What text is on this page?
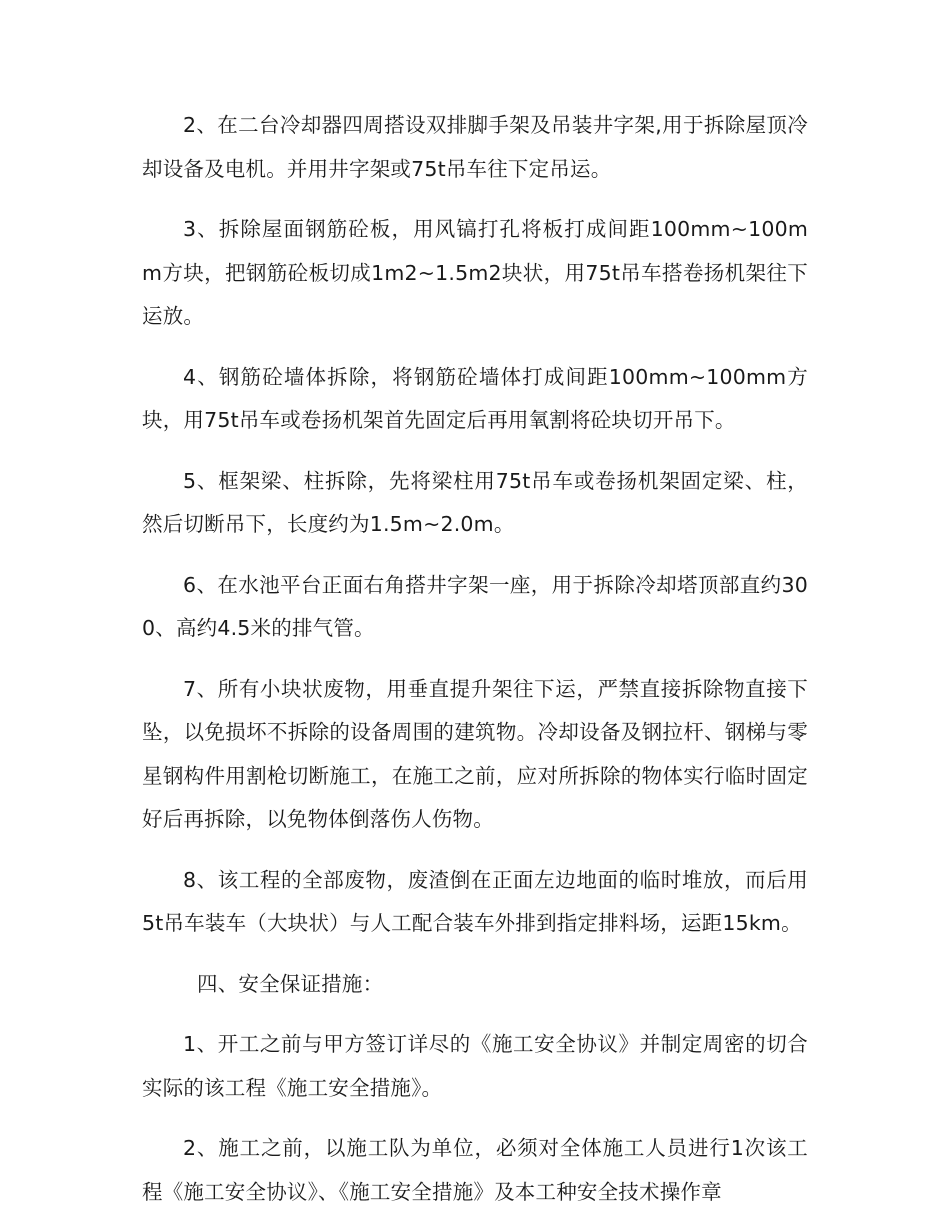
2、在二台冷却器四周搭设双排脚手架及吊装井字架,用于拆除屋顶冷却设备及电机。并用井字架或75t吊车往下定吊运。

3、拆除屋面钢筋砼板，用风镐打孔将板打成间距100mm~100mm方块，把钢筋砼板切成1m2~1.5m2块状，用75t吊车搭卷扬机架往下运放。

4、钢筋砼墙体拆除，将钢筋砼墙体打成间距100mm~100mm方块，用75t吊车或卷扬机架首先固定后再用氧割将砼块切开吊下。

5、框架梁、柱拆除，先将梁柱用75t吊车或卷扬机架固定梁、柱，然后切断吊下，长度约为1.5m~2.0m。

6、在水池平台正面右角搭井字架一座，用于拆除冷却塔顶部直约300、高约4.5米的排气管。

7、所有小块状废物，用垂直提升架往下运，严禁直接拆除物直接下坠，以免损坏不拆除的设备周围的建筑物。冷却设备及钢拉杆、钢梯与零星钢构件用割枪切断施工，在施工之前，应对所拆除的物体实行临时固定好后再拆除，以免物体倒落伤人伤物。

8、该工程的全部废物，废渣倒在正面左边地面的临时堆放，而后用5t吊车装车（大块状）与人工配合装车外排到指定排料场，运距15km。

四、安全保证措施：

1、开工之前与甲方签订详尽的《施工安全协议》并制定周密的切合实际的该工程《施工安全措施》。

2、施工之前，以施工队为单位，必须对全体施工人员进行1次该工程《施工安全协议》、《施工安全措施》及本工种安全技术操作章
